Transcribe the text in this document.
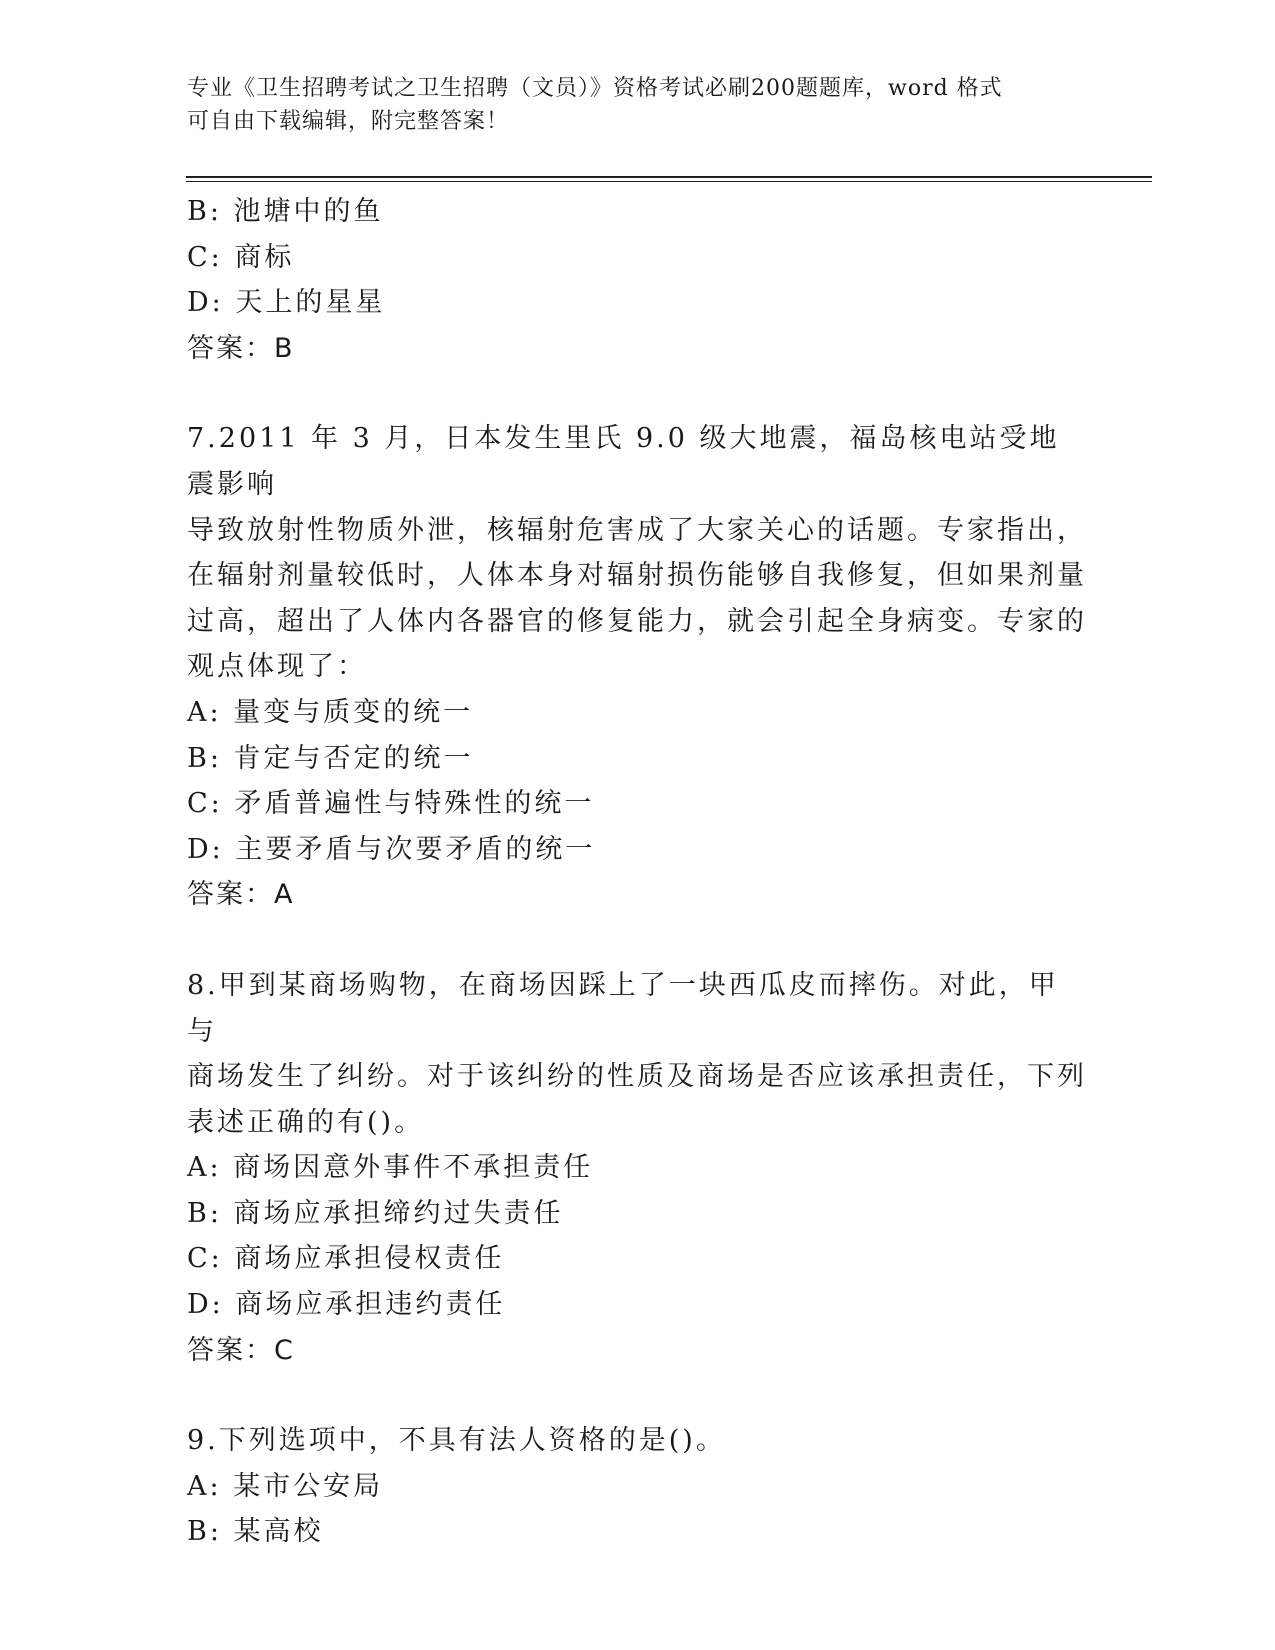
专业《卫生招聘考试之卫生招聘（文员）》资格考试必刷200题题库，word 格式
可自由下载编辑，附完整答案！
B: 池塘中的鱼
C: 商标
D: 天上的星星
答案：B
7.2011 年 3 月，日本发生里氏 9.0 级大地震，福岛核电站受地震影响
导致放射性物质外泄，核辐射危害成了大家关心的话题。专家指出，
在辐射剂量较低时，人体本身对辐射损伤能够自我修复，但如果剂量
过高，超出了人体内各器官的修复能力，就会引起全身病变。专家的
观点体现了：
A: 量变与质变的统一
B: 肯定与否定的统一
C: 矛盾普遍性与特殊性的统一
D: 主要矛盾与次要矛盾的统一
答案：A
8.甲到某商场购物，在商场因踩上了一块西瓜皮而摔伤。对此，甲与
商场发生了纠纷。对于该纠纷的性质及商场是否应该承担责任，下列
表述正确的有()。
A: 商场因意外事件不承担责任
B: 商场应承担缔约过失责任
C: 商场应承担侵权责任
D: 商场应承担违约责任
答案：C
9.下列选项中，不具有法人资格的是()。
A: 某市公安局
B: 某高校
